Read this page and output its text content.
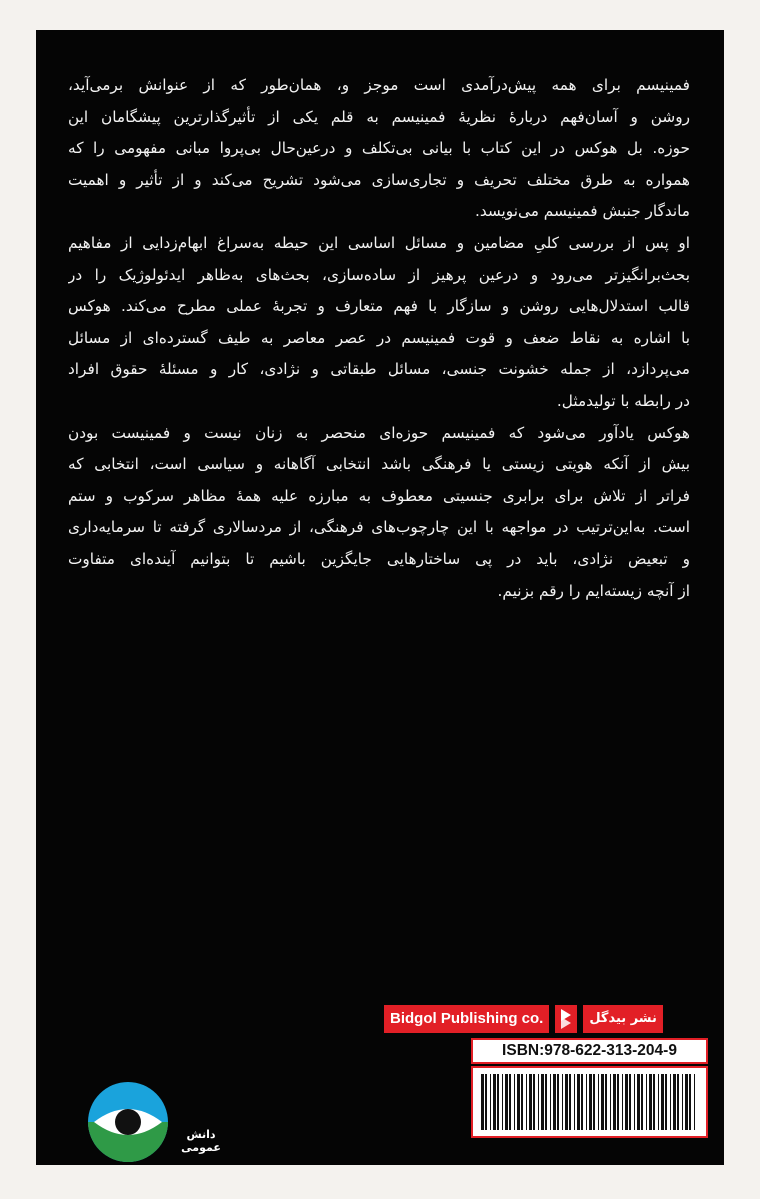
فمینیسم برای همه پیش‌درآمدی است موجز و، همان‌طور که از عنوانش برمی‌آید،
روشن و آسان‌فهم دربارهٔ نظریهٔ فمینیسم به قلم یکی از تأثیرگذارترین پیشگامان این
حوزه. بل هوکس در این کتاب با بیانی بی‌تکلف و درعین‌حال بی‌پروا مبانی مفهومی را که
همواره به طرق مختلف تحریف و تجاری‌سازی می‌شود تشریح می‌کند و از تأثیر و اهمیت
ماندگار جنبش فمینیسم می‌نویسد.

او پس از بررسی کلیِ مضامین و مسائل اساسی این حیطه به‌سراغ ابهام‌زدایی از مفاهیم
بحث‌برانگیزتر می‌رود و درعین پرهیز از ساده‌سازی، بحث‌های به‌ظاهر ایدئولوژیک را در
قالب استدلال‌هایی روشن و سازگار با فهم متعارف و تجربهٔ عملی مطرح می‌کند. هوکس
با اشاره به نقاط ضعف و قوت فمینیسم در عصر معاصر به طیف گسترده‌ای از مسائل
می‌پردازد، از جمله خشونت جنسی، مسائل طبقاتی و نژادی، کار و مسئلهٔ حقوق افراد
در رابطه با تولیدمثل.

هوکس یادآور می‌شود که فمینیسم حوزه‌ای منحصر به زنان نیست و فمینیست بودن
بیش از آنکه هویتی زیستی یا فرهنگی باشد انتخابی آگاهانه و سیاسی است، انتخابی که
فراتر از تلاش برای برابری جنسیتی معطوف به مبارزه علیه همهٔ مظاهر سرکوب و ستم
است. به‌این‌ترتیب در مواجهه با این چارچوب‌های فرهنگی، از مردسالاری گرفته تا سرمایه‌داری
و تبعیض نژادی، باید در پی ساختارهایی جایگزین باشیم تا بتوانیم آینده‌ای متفاوت
از آنچه زیسته‌ایم را رقم بزنیم.

Bidgol Publishing co.	نشر بیدگل
ISBN:978-622-313-204-9
دانش عمومی
